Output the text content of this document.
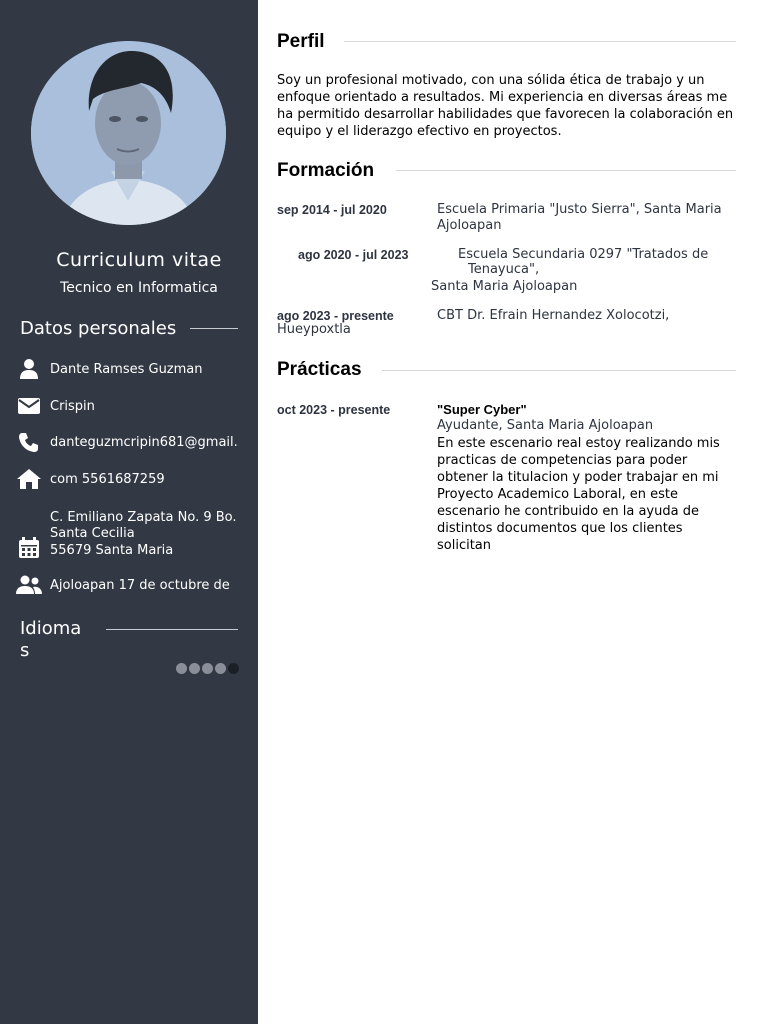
Curriculum vitae
Tecnico en Informatica
Datos personales
Dante Ramses Guzman
Crispin
danteguzmcripin681@gmail.
com 5561687259
C. Emiliano Zapata No. 9 Bo.
Santa Cecilia
55679 Santa Maria
Ajoloapan 17 de octubre de
Idioma
s
Perfil
Soy un profesional motivado, con una sólida ética de trabajo y un
enfoque orientado a resultados. Mi experiencia en diversas áreas me
ha permitido desarrollar habilidades que favorecen la colaboración en
equipo y el liderazgo efectivo en proyectos.
Formación
sep 2014 - jul 2020	Escuela Primaria "Justo Sierra", Santa Maria
Ajoloapan
ago 2020 - jul 2023	Escuela Secundaria 0297 "Tratados de
Tenayuca",
Santa Maria Ajoloapan
ago 2023 - presente	CBT Dr. Efrain Hernandez Xolocotzi,
Hueypoxtla
Prácticas
oct 2023 - presente	"Super Cyber"
Ayudante, Santa Maria Ajoloapan
En este escenario real estoy realizando mis
practicas de competencias para poder
obtener la titulacion y poder trabajar en mi
Proyecto Academico Laboral, en este
escenario he contribuido en la ayuda de
distintos documentos que los clientes
solicitan
